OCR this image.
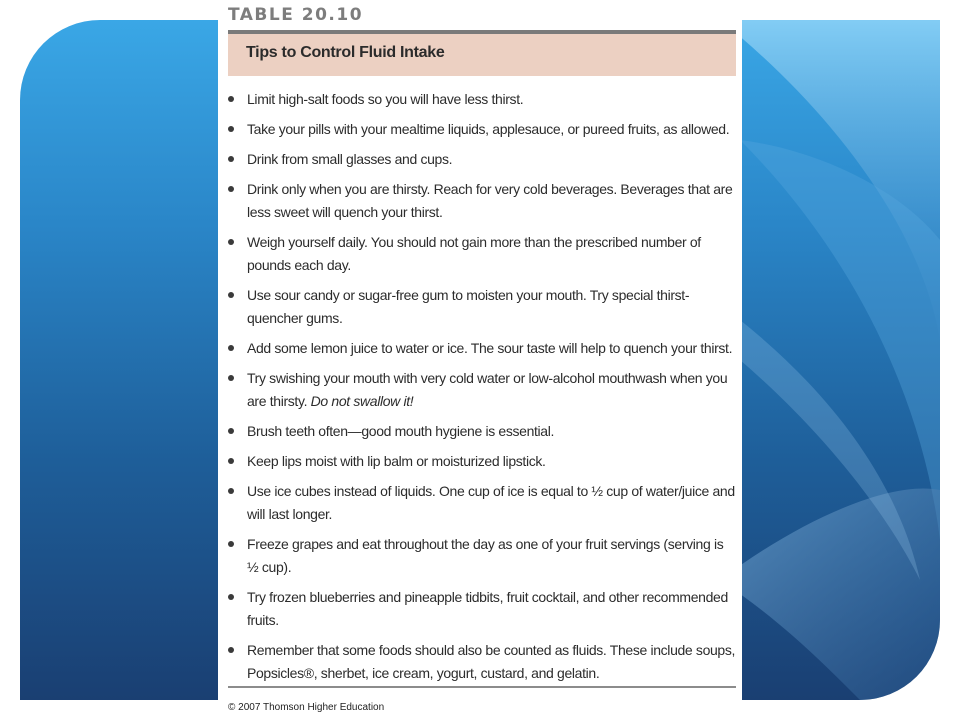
TABLE 20.10
Tips to Control Fluid Intake
Limit high-salt foods so you will have less thirst.
Take your pills with your mealtime liquids, applesauce, or pureed fruits, as allowed.
Drink from small glasses and cups.
Drink only when you are thirsty. Reach for very cold beverages. Beverages that are less sweet will quench your thirst.
Weigh yourself daily. You should not gain more than the prescribed number of pounds each day.
Use sour candy or sugar-free gum to moisten your mouth. Try special thirst-quencher gums.
Add some lemon juice to water or ice. The sour taste will help to quench your thirst.
Try swishing your mouth with very cold water or low-alcohol mouthwash when you are thirsty. Do not swallow it!
Brush teeth often—good mouth hygiene is essential.
Keep lips moist with lip balm or moisturized lipstick.
Use ice cubes instead of liquids. One cup of ice is equal to ½ cup of water/juice and will last longer.
Freeze grapes and eat throughout the day as one of your fruit servings (serving is ½ cup).
Try frozen blueberries and pineapple tidbits, fruit cocktail, and other recommended fruits.
Remember that some foods should also be counted as fluids. These include soups, Popsicles®, sherbet, ice cream, yogurt, custard, and gelatin.
© 2007 Thomson Higher Education
